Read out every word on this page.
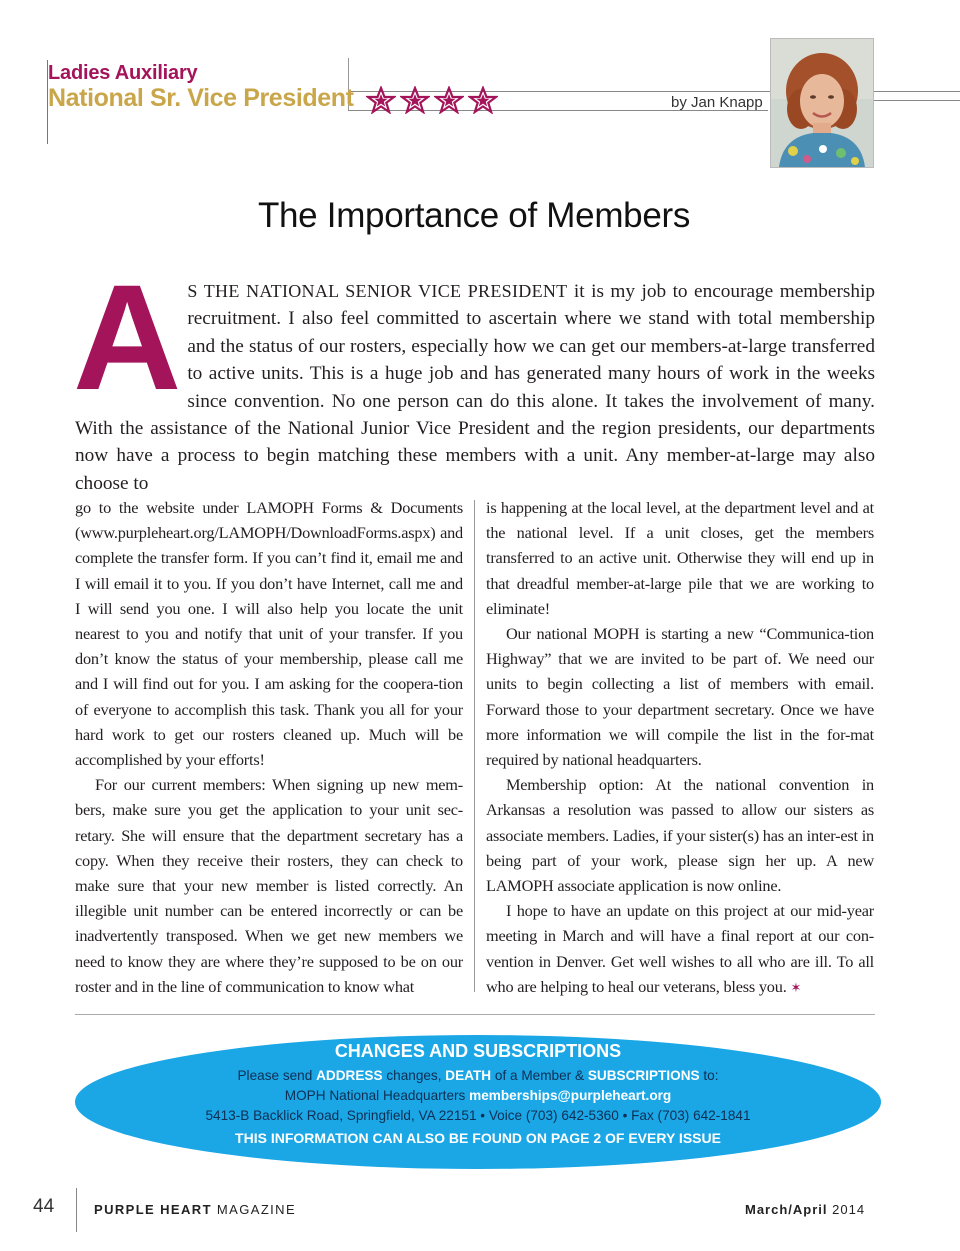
Ladies Auxiliary
National Sr. Vice President	by Jan Knapp
The Importance of Members
AS THE NATIONAL SENIOR VICE PRESIDENT it is my job to encourage membership recruitment. I also feel committed to ascertain where we stand with total membership and the status of our rosters, especially how we can get our members-at-large transferred to active units. This is a huge job and has generated many hours of work in the weeks since convention. No one person can do this alone. It takes the involvement of many. With the assistance of the National Junior Vice President and the region presidents, our departments now have a process to begin matching these members with a unit. Any member-at-large may also choose to

go to the website under LAMOPH Forms & Documents (www.purpleheart.org/LAMOPH/DownloadForms.aspx) and complete the transfer form. If you can’t find it, email me and I will email it to you. If you don’t have Internet, call me and I will send you one. I will also help you locate the unit nearest to you and notify that unit of your transfer. If you don’t know the status of your membership, please call me and I will find out for you. I am asking for the coopera-tion of everyone to accomplish this task. Thank you all for your hard work to get our rosters cleaned up. Much will be accomplished by your efforts!

For our current members: When signing up new mem-bers, make sure you get the application to your unit sec-retary. She will ensure that the department secretary has a copy. When they receive their rosters, they can check to make sure that your new member is listed correctly. An illegible unit number can be entered incorrectly or can be inadvertently transposed. When we get new members we need to know they are where they’re supposed to be on our roster and in the line of communication to know what

is happening at the local level, at the department level and at the national level. If a unit closes, get the members transferred to an active unit. Otherwise they will end up in that dreadful member-at-large pile that we are working to eliminate!

Our national MOPH is starting a new “Communica-tion Highway” that we are invited to be part of. We need our units to begin collecting a list of members with email. Forward those to your department secretary. Once we have more information we will compile the list in the for-mat required by national headquarters.

Membership option: At the national convention in Arkansas a resolution was passed to allow our sisters as associate members. Ladies, if your sister(s) has an inter-est in being part of your work, please sign her up. A new LAMOPH associate application is now online.

I hope to have an update on this project at our mid-year meeting in March and will have a final report at our con-vention in Denver. Get well wishes to all who are ill. To all who are helping to heal our veterans, bless you. ✶

CHANGES AND SUBSCRIPTIONS
Please send ADDRESS changes, DEATH of a Member & SUBSCRIPTIONS to:
MOPH National Headquarters memberships@purpleheart.org
5413-B Backlick Road, Springfield, VA 22151 • Voice (703) 642-5360 • Fax (703) 642-1841
THIS INFORMATION CAN ALSO BE FOUND ON PAGE 2 OF EVERY ISSUE
44	PURPLE HEART MAGAZINE	March/April 2014
